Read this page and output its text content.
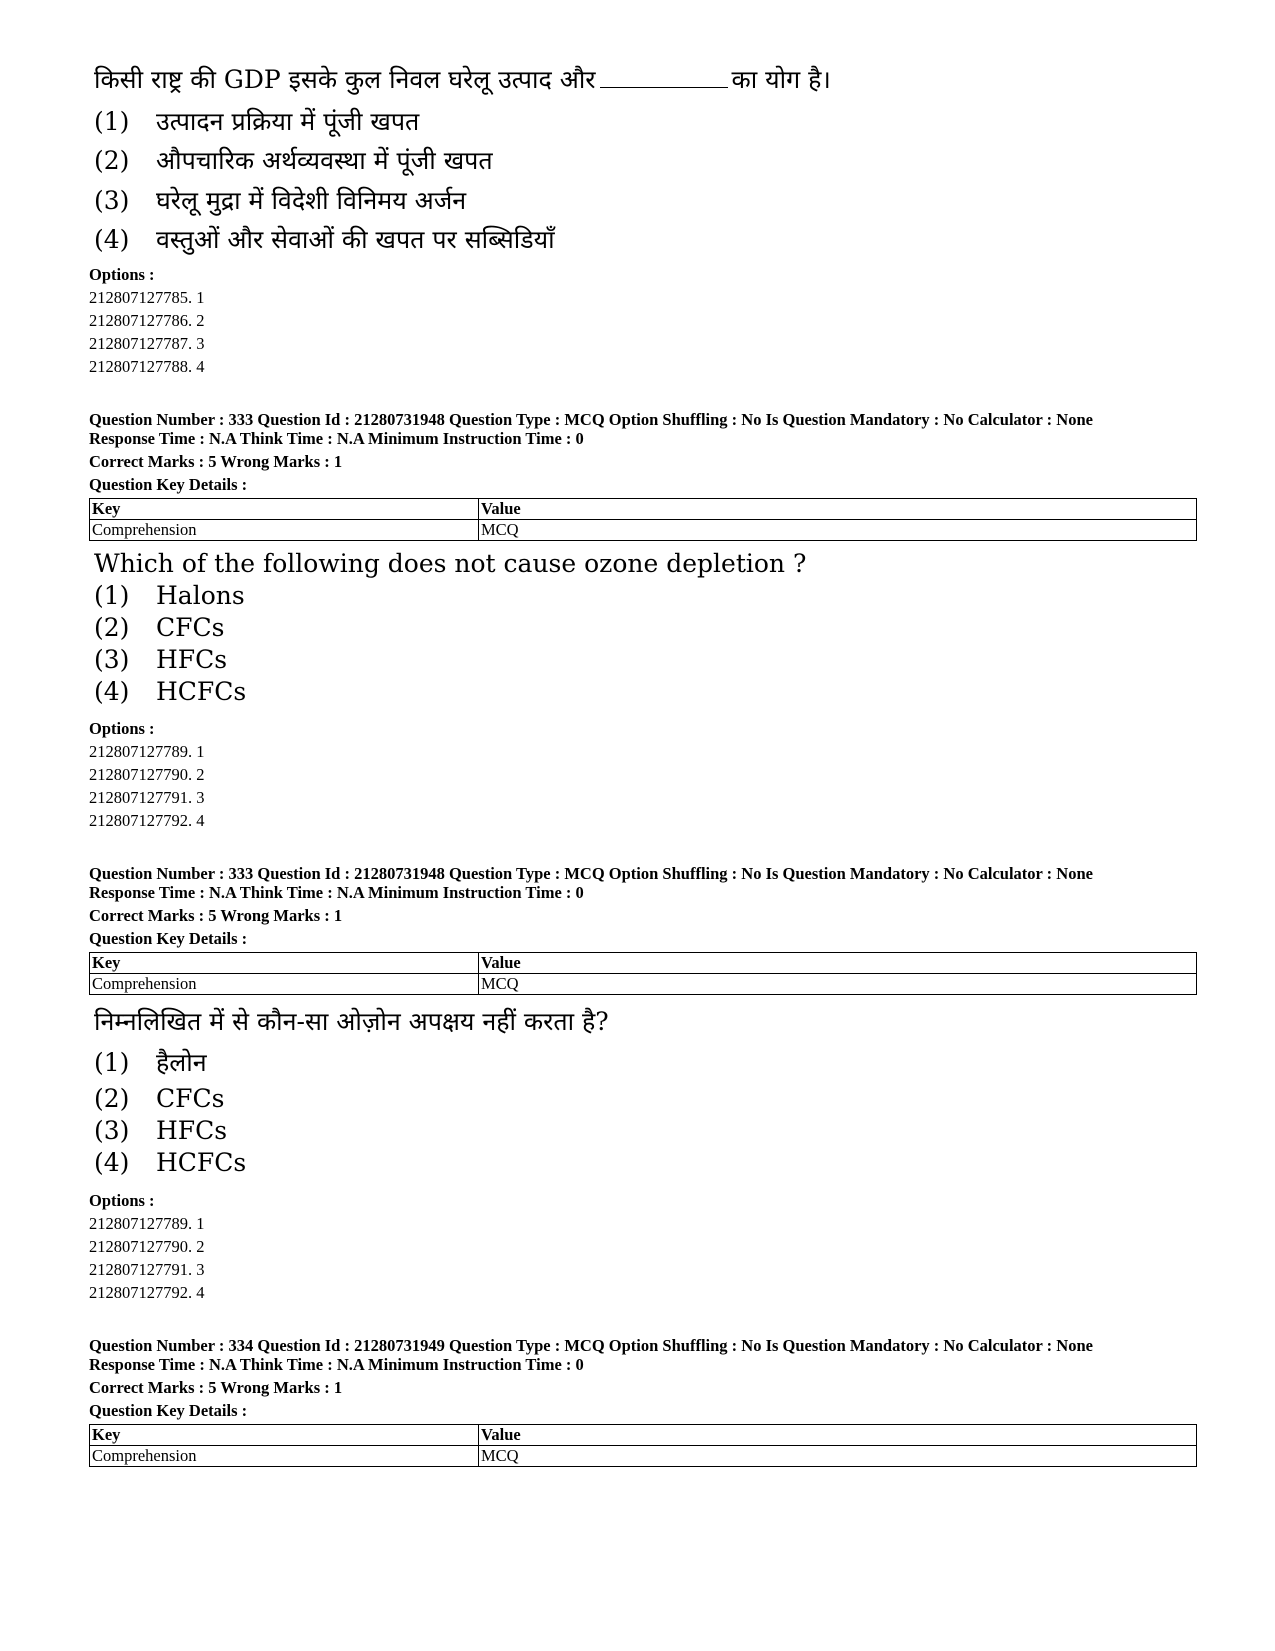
किसी राष्ट्र की GDP इसके कुल निवल घरेलू उत्पाद और	का योग है।
(1) उत्पादन प्रक्रिया में पूंजी खपत
(2) औपचारिक अर्थव्यवस्था में पूंजी खपत
(3) घरेलू मुद्रा में विदेशी विनिमय अर्जन
(4) वस्तुओं और सेवाओं की खपत पर सब्सिडियाँ
Options :
212807127785. 1
212807127786. 2
212807127787. 3
212807127788. 4
Question Number : 333 Question Id : 21280731948 Question Type : MCQ Option Shuffling : No Is Question Mandatory : No Calculator : None
Response Time : N.A Think Time : N.A Minimum Instruction Time : 0
Correct Marks : 5 Wrong Marks : 1
Question Key Details :
Key	Value
Comprehension	MCQ
Which of the following does not cause ozone depletion ?
(1) Halons
(2) CFCs
(3) HFCs
(4) HCFCs
Options :
212807127789. 1
212807127790. 2
212807127791. 3
212807127792. 4
Question Number : 333 Question Id : 21280731948 Question Type : MCQ Option Shuffling : No Is Question Mandatory : No Calculator : None
Response Time : N.A Think Time : N.A Minimum Instruction Time : 0
Correct Marks : 5 Wrong Marks : 1
Question Key Details :
Key	Value
Comprehension	MCQ
निम्नलिखित में से कौन-सा ओज़ोन अपक्षय नहीं करता है?
(1) हैलोन
(2) CFCs
(3) HFCs
(4) HCFCs
Options :
212807127789. 1
212807127790. 2
212807127791. 3
212807127792. 4
Question Number : 334 Question Id : 21280731949 Question Type : MCQ Option Shuffling : No Is Question Mandatory : No Calculator : None
Response Time : N.A Think Time : N.A Minimum Instruction Time : 0
Correct Marks : 5 Wrong Marks : 1
Question Key Details :
Key	Value
Comprehension	MCQ
